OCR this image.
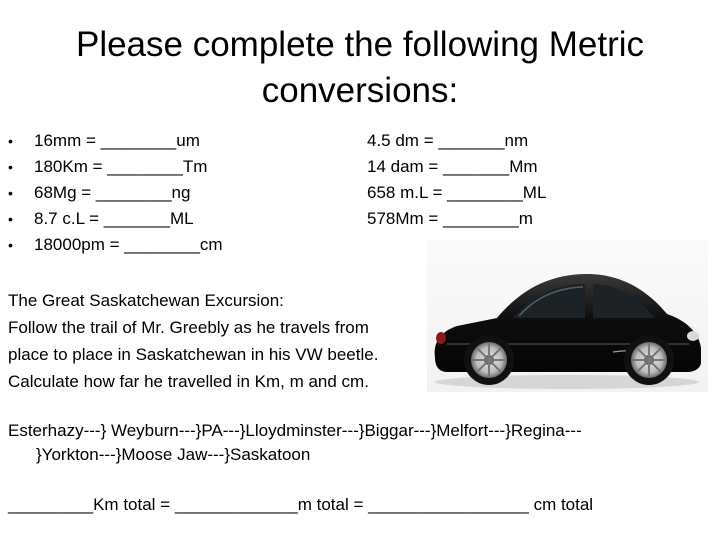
Please complete the following Metric
conversions:
• 16mm = ________um
• 180Km = ________Tm
• 68Mg = ________ng
• 8.7 c.L = _______ML
• 18000pm = ________cm
4.5 dm = _______nm
14 dam = _______Mm
658 m.L = ________ML
578Mm = ________m
The Great Saskatchewan Excursion:
Follow the trail of Mr. Greebly as he travels from
place to place in Saskatchewan in his VW beetle.
Calculate how far he travelled in Km, m and cm.
Esterhazy---} Weyburn---}PA---}Lloydminster---}Biggar---}Melfort---}Regina---
}Yorkton---}Moose Jaw---}Saskatoon
_________Km total = _____________m total = _________________ cm total
